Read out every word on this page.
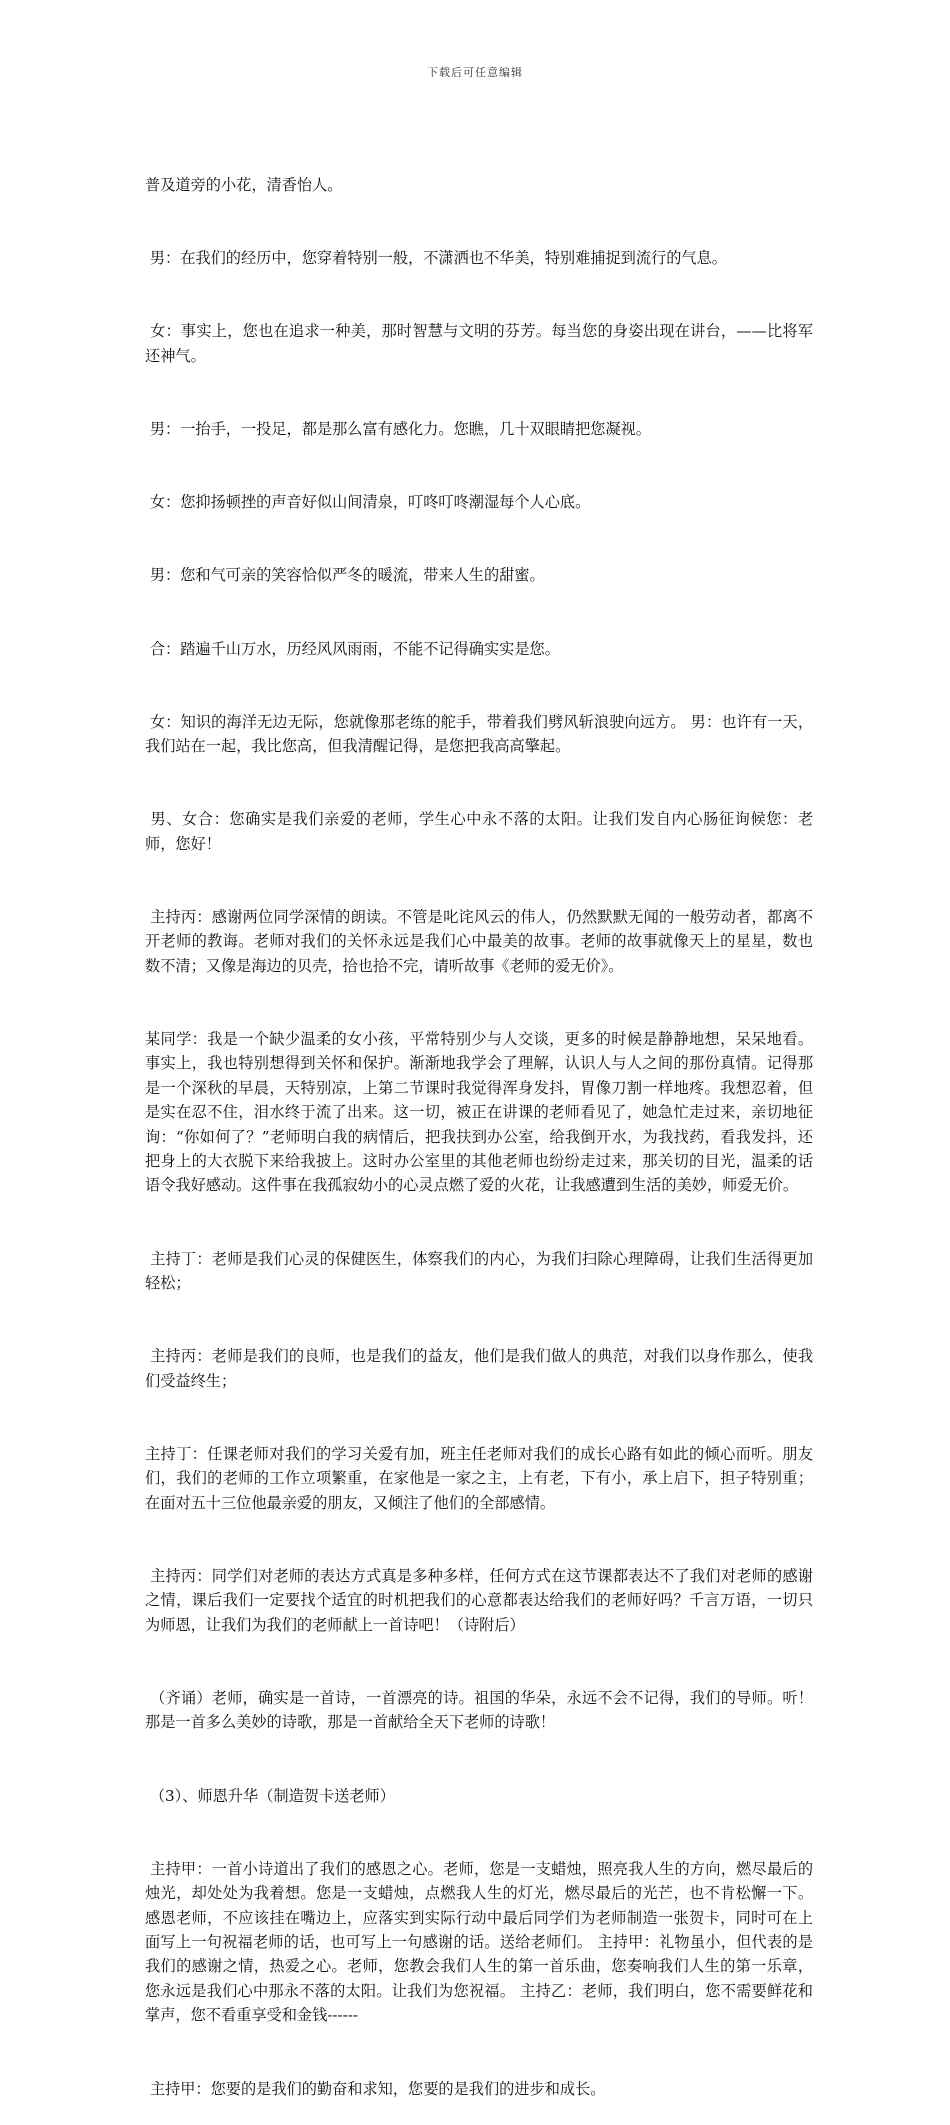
下载后可任意编辑

普及道旁的小花，清香怡人。

男：在我们的经历中，您穿着特别一般，不潇洒也不华美，特别难捕捉到流行的气息。

女：事实上，您也在追求一种美，那时智慧与文明的芬芳。每当您的身姿出现在讲台，——比将军还神气。

男：一抬手，一投足，都是那么富有感化力。您瞧，几十双眼睛把您凝视。

女：您抑扬顿挫的声音好似山间清泉，叮咚叮咚潮湿每个人心底。

男：您和气可亲的笑容恰似严冬的暖流，带来人生的甜蜜。

合：踏遍千山万水，历经风风雨雨，不能不记得确实实是您。

女：知识的海洋无边无际，您就像那老练的舵手，带着我们劈风斩浪驶向远方。 男：也许有一天，我们站在一起，我比您高，但我清醒记得，是您把我高高擎起。

男、女合：您确实是我们亲爱的老师，学生心中永不落的太阳。让我们发自内心肠征询候您：老师，您好！

主持丙：感谢两位同学深情的朗读。不管是叱诧风云的伟人，仍然默默无闻的一般劳动者，都离不开老师的教诲。老师对我们的关怀永远是我们心中最美的故事。老师的故事就像天上的星星，数也数不清；又像是海边的贝壳，拾也拾不完，请听故事《老师的爱无价》。

某同学：我是一个缺少温柔的女小孩，平常特别少与人交谈，更多的时候是静静地想，呆呆地看。事实上，我也特别想得到关怀和保护。渐渐地我学会了理解，认识人与人之间的那份真情。记得那是一个深秋的早晨，天特别凉，上第二节课时我觉得浑身发抖，胃像刀割一样地疼。我想忍着，但是实在忍不住，泪水终于流了出来。这一切，被正在讲课的老师看见了，她急忙走过来，亲切地征询：“你如何了？”老师明白我的病情后，把我扶到办公室，给我倒开水，为我找药，看我发抖，还把身上的大衣脱下来给我披上。这时办公室里的其他老师也纷纷走过来，那关切的目光，温柔的话语令我好感动。这件事在我孤寂幼小的心灵点燃了爱的火花，让我感遭到生活的美妙，师爱无价。

主持丁：老师是我们心灵的保健医生，体察我们的内心，为我们扫除心理障碍，让我们生活得更加轻松；

主持丙：老师是我们的良师，也是我们的益友，他们是我们做人的典范，对我们以身作那么，使我们受益终生；

主持丁：任课老师对我们的学习关爱有加，班主任老师对我们的成长心路有如此的倾心而听。朋友们，我们的老师的工作立项繁重，在家他是一家之主，上有老，下有小，承上启下，担子特别重；在面对五十三位他最亲爱的朋友，又倾注了他们的全部感情。

主持丙：同学们对老师的表达方式真是多种多样，任何方式在这节课都表达不了我们对老师的感谢之情，课后我们一定要找个适宜的时机把我们的心意都表达给我们的老师好吗？千言万语，一切只为师恩，让我们为我们的老师献上一首诗吧！（诗附后）

（齐诵）老师，确实是一首诗，一首漂亮的诗。祖国的华朵，永远不会不记得，我们的导师。听！那是一首多么美妙的诗歌，那是一首献给全天下老师的诗歌！

（3）、师恩升华（制造贺卡送老师）

主持甲：一首小诗道出了我们的感恩之心。老师，您是一支蜡烛，照亮我人生的方向，燃尽最后的烛光，却处处为我着想。您是一支蜡烛，点燃我人生的灯光，燃尽最后的光芒，也不肯松懈一下。感恩老师，不应该挂在嘴边上，应落实到实际行动中最后同学们为老师制造一张贺卡，同时可在上面写上一句祝福老师的话，也可写上一句感谢的话。送给老师们。 主持甲：礼物虽小，但代表的是我们的感谢之情，热爱之心。老师，您教会我们人生的第一首乐曲，您奏响我们人生的第一乐章，您永远是我们心中那永不落的太阳。让我们为您祝福。 主持乙：老师，我们明白，您不需要鲜花和掌声，您不看重享受和金钱------

主持甲：您要的是我们的勤奋和求知，您要的是我们的进步和成长。
